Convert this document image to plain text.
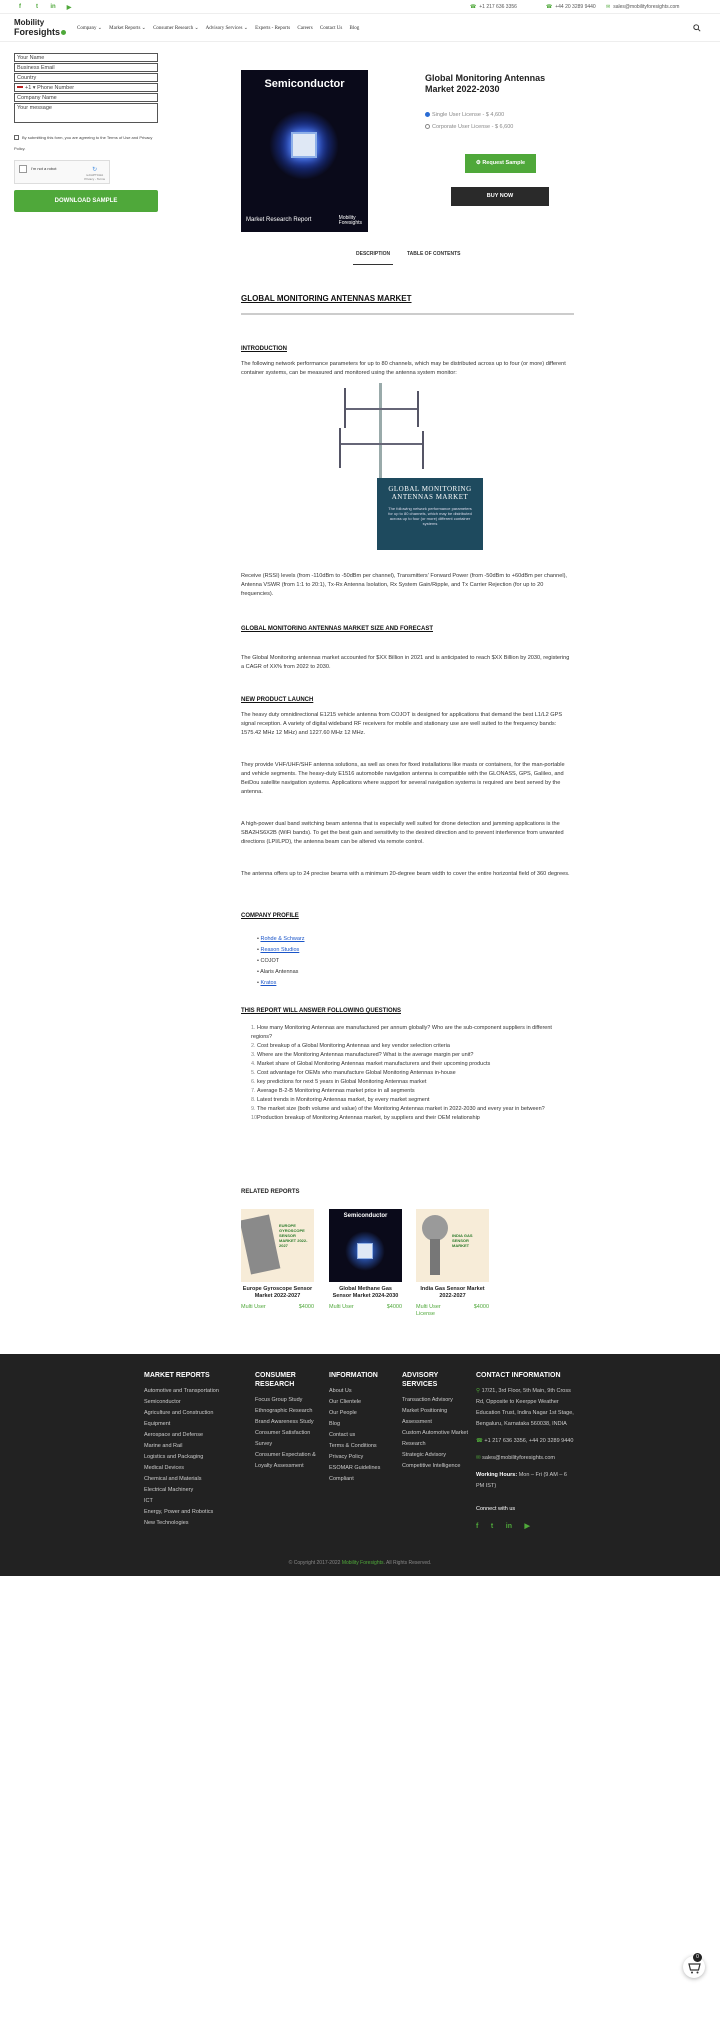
f	t	in ▶	☎ +1 217 636 3356	☎ +44 20 3289 9440 ✉ sales@mobilityforesights.com
Mobility
Foresights	Company ⌄ Market Reports ⌄ Consumer Research ⌄ Advisory Services ⌄ Experts - Reports Careers Contact Us Blog
Your Name
Business Email
Country
+1 ▾ Phone Number
Company Name
Your message
By submitting this form, you are agreeing to the Terms of Use and Privacy Policy.
I'm not a robot	↻
reCAPTCHA
Privacy - Terms
DOWNLOAD SAMPLE
Semiconductor
Market Research Report	Mobility
Foresights
Global Monitoring Antennas Market 2022-2030
Single User License - $ 4,600
Corporate User License - $ 6,600
⚙ Request Sample
BUY NOW
DESCRIPTION	TABLE OF CONTENTS
GLOBAL MONITORING ANTENNAS MARKET
INTRODUCTION
The following network performance parameters for up to 80 channels, which may be distributed across up to four (or more) different container systems, can be measured and monitored using the antenna system monitor:
GLOBAL MONITORING ANTENNAS MARKET
The following network performance parameters for up to 80 channels, which may be distributed across up to four (or more) different container systems
Receive (RSSI) levels (from -110dBm to -50dBm per channel), Transmitters' Forward Power (from -50dBm to +60dBm per channel), Antenna VSWR (from 1:1 to 20:1), Tx-Rx Antenna Isolation, Rx System Gain/Ripple, and Tx Carrier Rejection (for up to 20 frequencies).
GLOBAL MONITORING ANTENNAS MARKET SIZE AND FORECAST
The Global Monitoring antennas market accounted for $XX Billion in 2021 and is anticipated to reach $XX Billion by 2030, registering a CAGR of XX% from 2022 to 2030.
NEW PRODUCT LAUNCH
The heavy duty omnidirectional E1215 vehicle antenna from COJOT is designed for applications that demand the best L1/L2 GPS signal reception. A variety of digital wideband RF receivers for mobile and stationary use are well suited to the frequency bands: 1575.42 MHz 12 MHz) and 1227.60 MHz 12 MHz.
They provide VHF/UHF/SHF antenna solutions, as well as ones for fixed installations like masts or containers, for the man-portable and vehicle segments. The heavy-duty E1516 automobile navigation antenna is compatible with the GLONASS, GPS, Galileo, and BeiDou satellite navigation systems. Applications where support for several navigation systems is required are best served by the antenna.
A high-power dual band switching beam antenna that is especially well suited for drone detection and jamming applications is the SBA2HS6X2B (WiFi bands). To get the best gain and sensitivity to the desired direction and to prevent interference from unwanted directions (LPI/LPD), the antenna beam can be altered via remote control.
The antenna offers up to 24 precise beams with a minimum 20-degree beam width to cover the entire horizontal field of 360 degrees.
COMPANY PROFILE
• Rohde & Schwarz
• Reason Studios
• COJOT
• Alaris Antennas
• Kratos
THIS REPORT WILL ANSWER FOLLOWING QUESTIONS
1.How many Monitoring Antennas are manufactured per annum globally? Who are the sub-component suppliers in different regions?
2.Cost breakup of a Global Monitoring Antennas and key vendor selection criteria
3.Where are the Monitoring Antennas manufactured? What is the average margin per unit?
4.Market share of Global Monitoring Antennas market manufacturers and their upcoming products
5.Cost advantage for OEMs who manufacture Global Monitoring Antennas in-house
6.key predictions for next 5 years in Global Monitoring Antennas market
7.Average B-2-B Monitoring Antennas market price in all segments
8.Latest trends in Monitoring Antennas market, by every market segment
9.The market size (both volume and value) of the Monitoring Antennas market in 2022-2030 and every year in between?
10.Production breakup of Monitoring Antennas market, by suppliers and their OEM relationship
RELATED REPORTS
EUROPE GYROSCOPE SENSOR MARKET 2022-2027
Europe Gyroscope Sensor Market 2022-2027
Multi User	$4000
Semiconductor
Global Methane Gas Sensor Market 2024-2030
Multi User	$4000
INDIA GAS SENSOR MARKET
India Gas Sensor Market 2022-2027
Multi User License
$4000
MARKET REPORTS
Automotive and Transportation
Semiconductor
Agriculture and Construction Equipment
Aerospace and Defense
Marine and Rail
Logistics and Packaging
Medical Devices
Chemical and Materials
Electrical Machinery
ICT
Energy, Power and Robotics
New Technologies
CONSUMER
RESEARCH
Focus Group Study
Ethnographic Research
Brand Awareness Study
Consumer Satisfaction Survey
Consumer Expectation & Loyalty Assessment
INFORMATION
About Us
Our Clientele
Our People
Blog
Contact us
Terms & Conditions
Privacy Policy
ESOMAR Guidelines Compliant
ADVISORY
SERVICES
Transaction Advisory
Market Positioning Assessment
Custom Automotive Market Research
Strategic Advisory
Competitive Intelligence
CONTACT INFORMATION
⚲ 17/21, 3rd Floor, 5th Main, 9th Cross Rd, Opposite to Keerppe Weather Education Trust, Indira Nagar 1st Stage, Bengaluru, Karnataka 560038, INDIA
☎ +1 217 636 3356, +44 20 3289 9440
✉ sales@mobilityforesights.com
Working Hours: Mon – Fri (9 AM – 6 PM IST)
Connect with us
f t in ▶
© Copyright 2017-2022 Mobility Foresights. All Rights Reserved.
0
